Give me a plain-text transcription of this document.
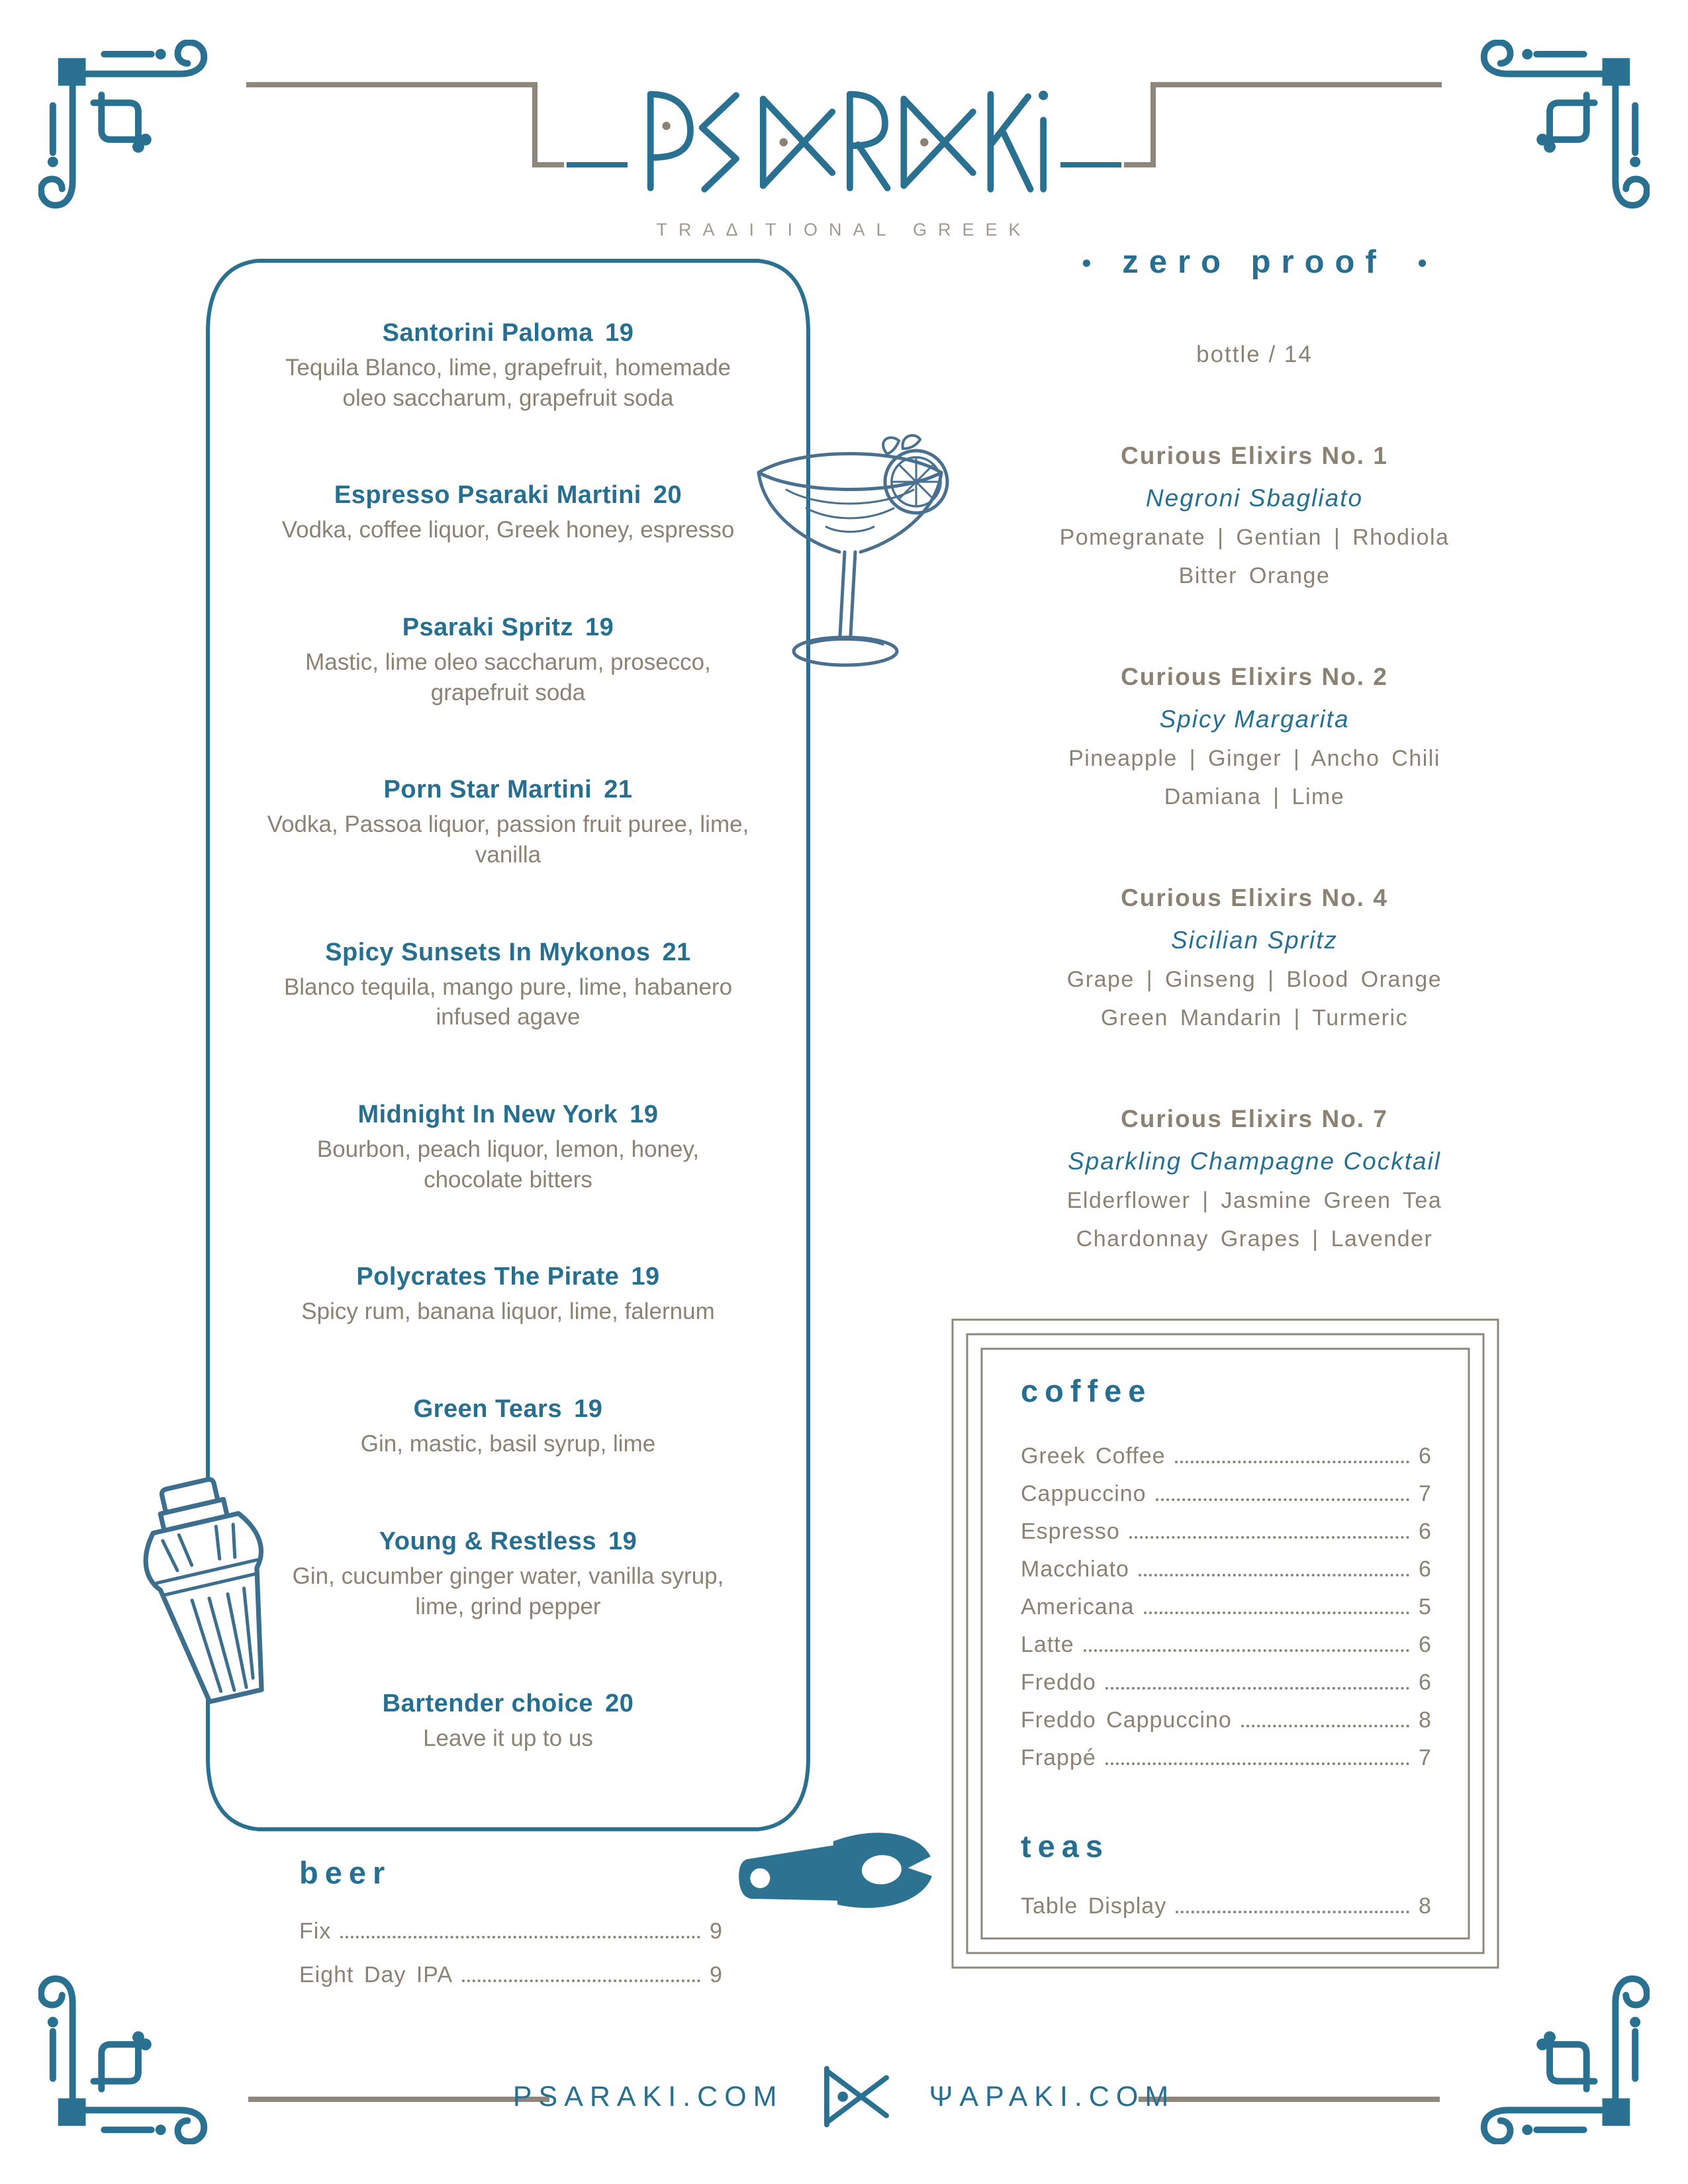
TRAΔITIONAL GREEK
Santorini Paloma 19
Tequila Blanco, lime, grapefruit, homemade oleo saccharum, grapefruit soda
Espresso Psaraki Martini 20
Vodka, coffee liquor, Greek honey, espresso
Psaraki Spritz 19
Mastic, lime oleo saccharum, prosecco, grapefruit soda
Porn Star Martini 21
Vodka, Passoa liquor, passion fruit puree, lime, vanilla
Spicy Sunsets In Mykonos 21
Blanco tequila, mango pure, lime, habanero infused agave
Midnight In New York 19
Bourbon, peach liquor, lemon, honey, chocolate bitters
Polycrates The Pirate 19
Spicy rum, banana liquor, lime, falernum
Green Tears 19
Gin, mastic, basil syrup, lime
Young & Restless 19
Gin, cucumber ginger water, vanilla syrup, lime, grind pepper
Bartender choice 20
Leave it up to us
● zero proof ●
bottle / 14
Curious Elixirs No. 1
Negroni Sbagliato
Pomegranate | Gentian | Rhodiola
Bitter Orange
Curious Elixirs No. 2
Spicy Margarita
Pineapple | Ginger | Ancho Chili
Damiana | Lime
Curious Elixirs No. 4
Sicilian Spritz
Grape | Ginseng | Blood Orange
Green Mandarin | Turmeric
Curious Elixirs No. 7
Sparkling Champagne Cocktail
Elderflower | Jasmine Green Tea
Chardonnay Grapes | Lavender
coffee
Greek Coffee	6
Cappuccino	7
Espresso	6
Macchiato	6
Americana	5
Latte	6
Freddo	6
Freddo Cappuccino	8
Frappé	7
teas
Table Display	8
beer
Fix	9
Eight Day IPA	9
PSARAKI.COM	ΨAPAKI.COM
